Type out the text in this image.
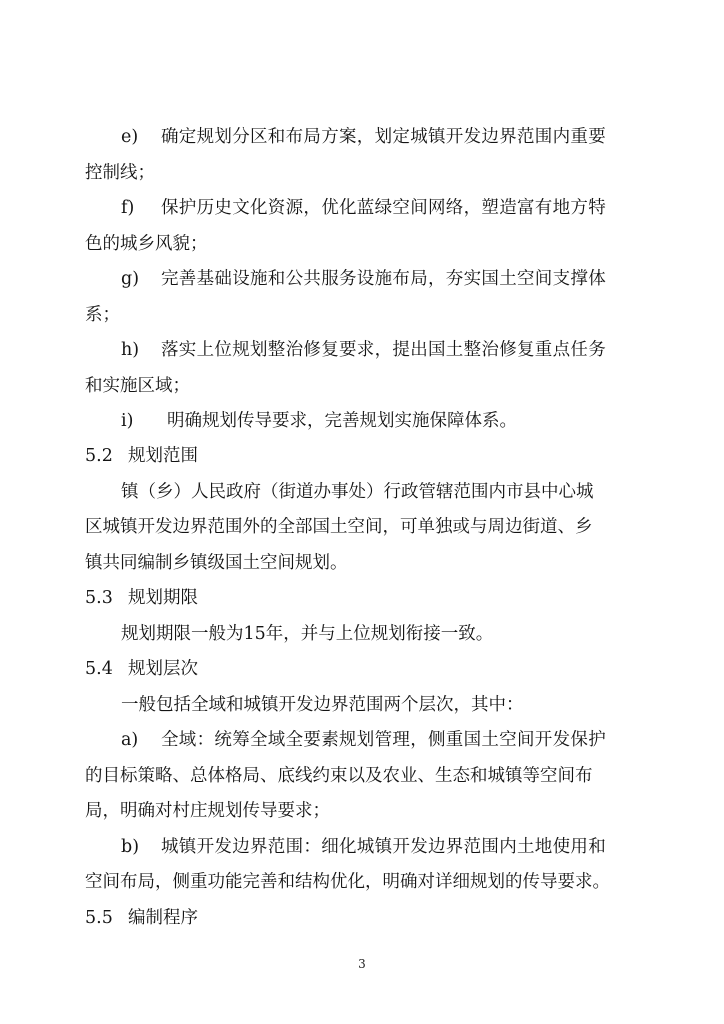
e) 确定规划分区和布局方案，划定城镇开发边界范围内重要
控制线；
f) 保护历史文化资源，优化蓝绿空间网络，塑造富有地方特
色的城乡风貌；
g) 完善基础设施和公共服务设施布局，夯实国土空间支撑体
系；
h) 落实上位规划整治修复要求，提出国土整治修复重点任务
和实施区域；
i) 明确规划传导要求，完善规划实施保障体系。
5.2 规划范围
镇（乡）人民政府（街道办事处）行政管辖范围内市县中心城
区城镇开发边界范围外的全部国土空间，可单独或与周边街道、乡
镇共同编制乡镇级国土空间规划。
5.3 规划期限
规划期限一般为15年，并与上位规划衔接一致。
5.4 规划层次
一般包括全域和城镇开发边界范围两个层次，其中：
a) 全域：统筹全域全要素规划管理，侧重国土空间开发保护
的目标策略、总体格局、底线约束以及农业、生态和城镇等空间布
局，明确对村庄规划传导要求；
b) 城镇开发边界范围：细化城镇开发边界范围内土地使用和
空间布局，侧重功能完善和结构优化，明确对详细规划的传导要求。
5.5 编制程序
3
